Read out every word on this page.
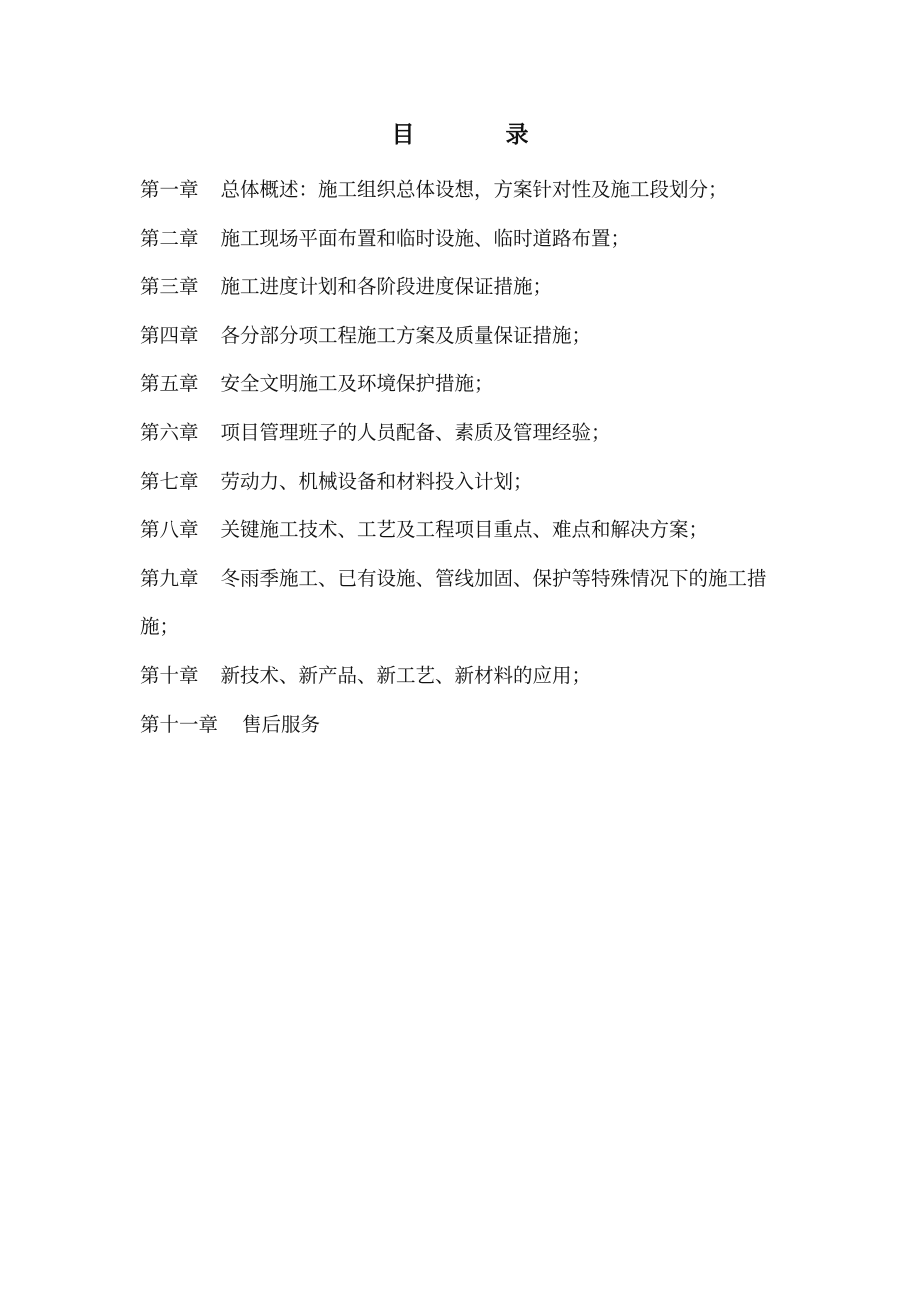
目　录
第一章 总体概述：施工组织总体设想，方案针对性及施工段划分；
第二章 施工现场平面布置和临时设施、临时道路布置；
第三章 施工进度计划和各阶段进度保证措施；
第四章 各分部分项工程施工方案及质量保证措施；
第五章 安全文明施工及环境保护措施；
第六章 项目管理班子的人员配备、素质及管理经验；
第七章 劳动力、机械设备和材料投入计划；
第八章 关键施工技术、工艺及工程项目重点、难点和解决方案；
第九章 冬雨季施工、已有设施、管线加固、保护等特殊情况下的施工措施；
第十章 新技术、新产品、新工艺、新材料的应用；
第十一章 售后服务
